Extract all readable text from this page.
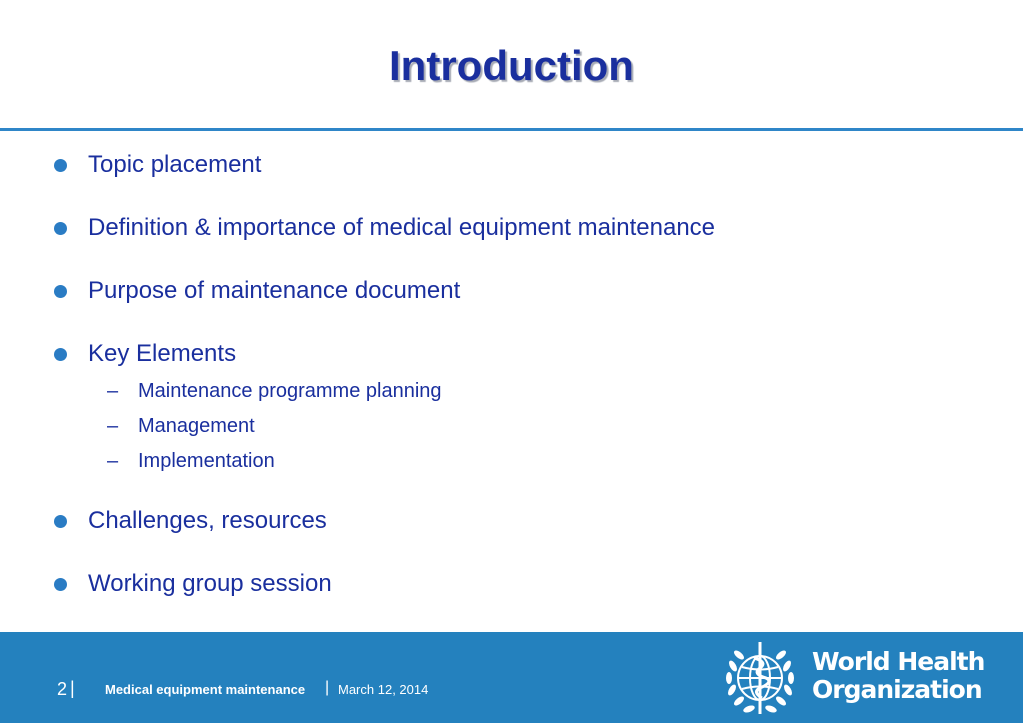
Introduction
Topic placement
Definition & importance of medical equipment maintenance
Purpose of maintenance document
Key Elements
– Maintenance programme planning
– Management
– Implementation
Challenges, resources
Working group session
2 | Medical equipment maintenance | March 12, 2014
World Health
Organization
